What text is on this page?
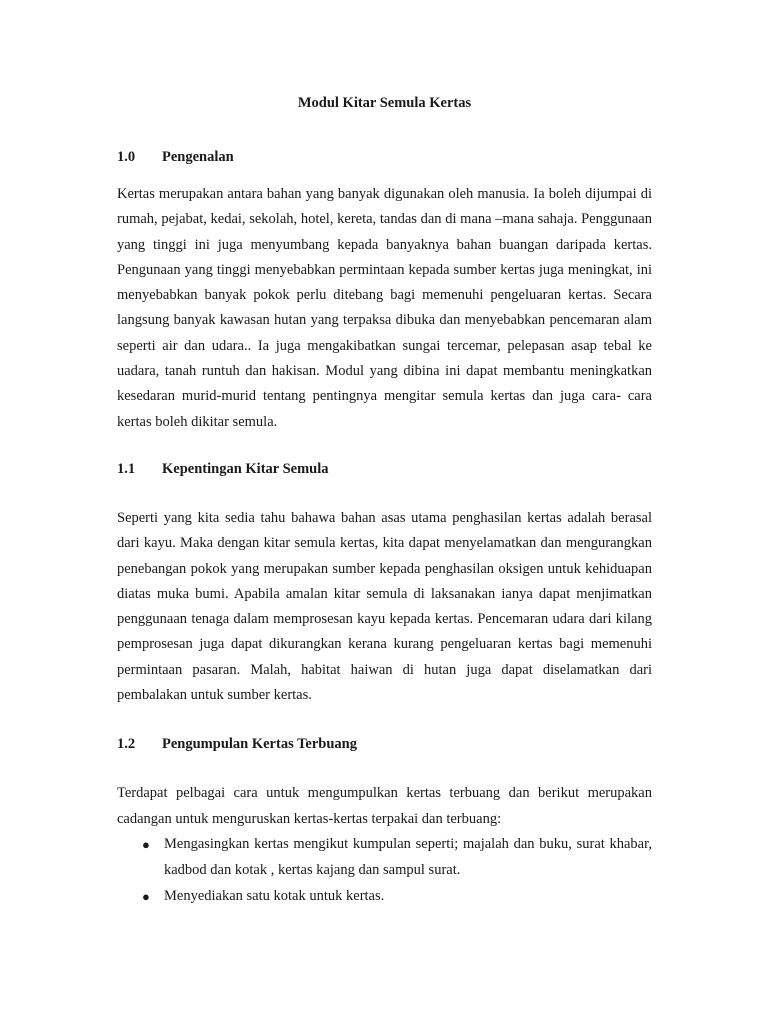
Modul Kitar Semula Kertas
1.0	Pengenalan

Kertas merupakan antara bahan yang banyak digunakan oleh manusia. Ia boleh dijumpai di rumah, pejabat, kedai, sekolah, hotel, kereta, tandas dan di mana –mana sahaja. Penggunaan yang tinggi ini juga menyumbang kepada banyaknya bahan buangan daripada kertas. Pengunaan yang tinggi menyebabkan permintaan kepada sumber kertas juga meningkat, ini menyebabkan banyak pokok perlu ditebang bagi memenuhi pengeluaran kertas. Secara langsung banyak kawasan hutan yang terpaksa dibuka dan menyebabkan pencemaran alam seperti air dan udara.. Ia juga mengakibatkan sungai tercemar, pelepasan asap tebal ke uadara, tanah runtuh dan hakisan. Modul yang dibina ini dapat membantu meningkatkan kesedaran murid-murid tentang pentingnya mengitar semula kertas dan juga cara- cara kertas boleh dikitar semula.

1.1	Kepentingan Kitar Semula

Seperti yang kita sedia tahu bahawa bahan asas utama penghasilan kertas adalah berasal dari kayu. Maka dengan kitar semula kertas, kita dapat menyelamatkan dan mengurangkan penebangan pokok yang merupakan sumber kepada penghasilan oksigen untuk kehiduapan diatas muka bumi. Apabila amalan kitar semula di laksanakan ianya dapat menjimatkan penggunaan tenaga dalam memprosesan kayu kepada kertas. Pencemaran udara dari kilang pemprosesan juga dapat dikurangkan kerana kurang pengeluaran kertas bagi memenuhi permintaan pasaran. Malah, habitat haiwan di hutan juga dapat diselamatkan dari pembalakan untuk sumber kertas.

1.2	Pengumpulan Kertas Terbuang

Terdapat pelbagai cara untuk mengumpulkan kertas terbuang dan berikut merupakan cadangan untuk menguruskan kertas-kertas terpakai dan terbuang:

● Mengasingkan kertas mengikut kumpulan seperti; majalah dan buku, surat khabar, kadbod dan kotak , kertas kajang dan sampul surat.
● Menyediakan satu kotak untuk kertas.
